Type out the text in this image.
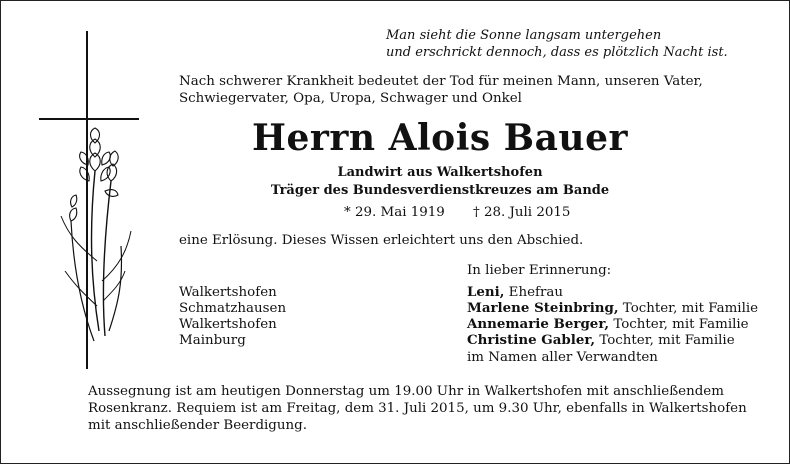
Man sieht die Sonne langsam untergehen
und erschrickt dennoch, dass es plötzlich Nacht ist.
Nach schwerer Krankheit bedeutet der Tod für meinen Mann, unseren Vater,
Schwiegervater, Opa, Uropa, Schwager und Onkel
Herrn Alois Bauer
Landwirt aus Walkertshofen
Träger des Bundesverdienstkreuzes am Bande
* 29. Mai 1919 † 28. Juli 2015
eine Erlösung. Dieses Wissen erleichtert uns den Abschied.
In lieber Erinnerung:
Walkertshofen	Leni, Ehefrau
Schmatzhausen	Marlene Steinbring, Tochter, mit Familie
Walkertshofen	Annemarie Berger, Tochter, mit Familie
Mainburg	Christine Gabler, Tochter, mit Familie
im Namen aller Verwandten
Aussegnung ist am heutigen Donnerstag um 19.00 Uhr in Walkertshofen mit anschließendem
Rosenkranz. Requiem ist am Freitag, dem 31. Juli 2015, um 9.30 Uhr, ebenfalls in Walkertshofen
mit anschließender Beerdigung.
